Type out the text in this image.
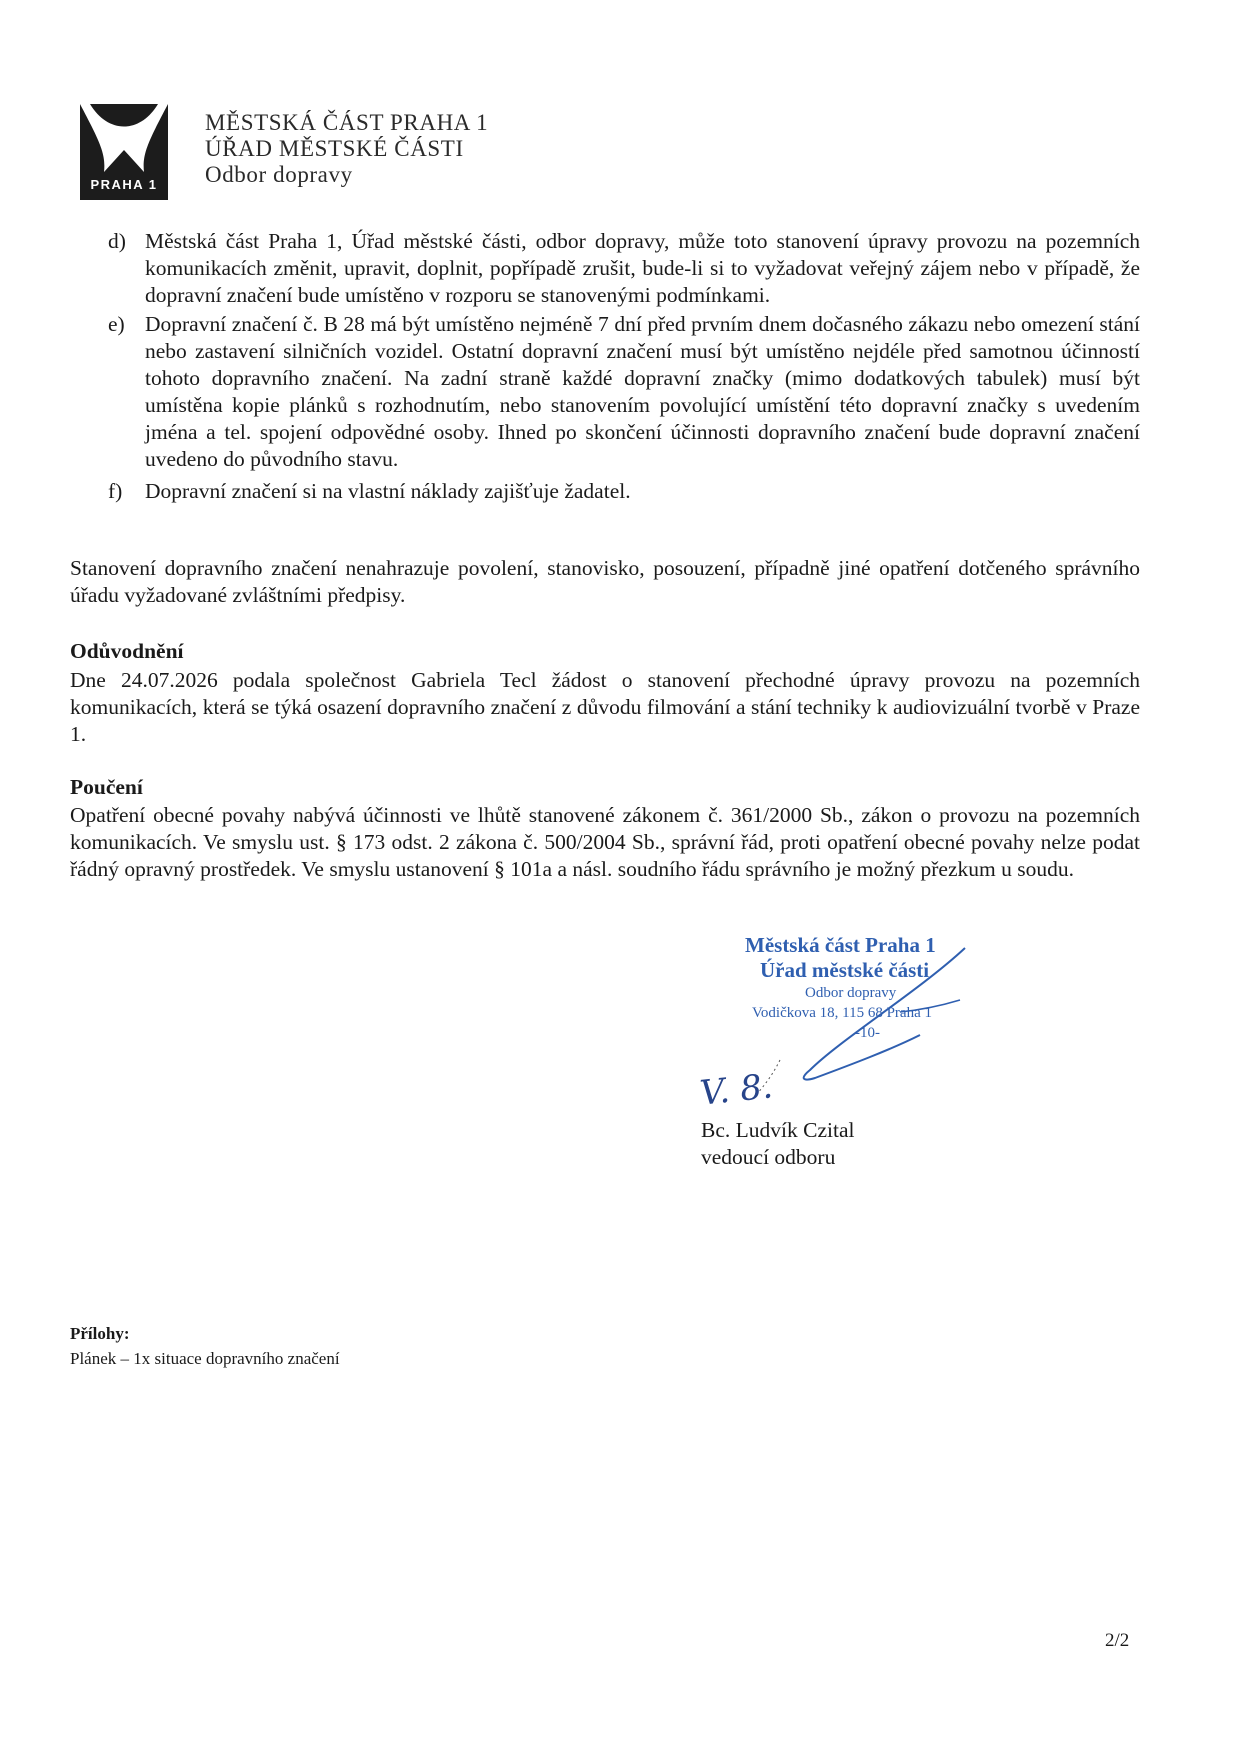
PRAHA 1
MĚSTSKÁ ČÁST PRAHA 1
ÚŘAD MĚSTSKÉ ČÁSTI
Odbor dopravy
d) Městská část Praha 1, Úřad městské části, odbor dopravy, může toto stanovení úpravy provozu na pozemních komunikacích změnit, upravit, doplnit, popřípadě zrušit, bude-li si to vyžadovat veřejný zájem nebo v případě, že dopravní značení bude umístěno v rozporu se stanovenými podmínkami.
e) Dopravní značení č. B 28 má být umístěno nejméně 7 dní před prvním dnem dočasného zákazu nebo omezení stání nebo zastavení silničních vozidel. Ostatní dopravní značení musí být umístěno nejdéle před samotnou účinností tohoto dopravního značení. Na zadní straně každé dopravní značky (mimo dodatkových tabulek) musí být umístěna kopie plánků s rozhodnutím, nebo stanovením povolující umístění této dopravní značky s uvedením jména a tel. spojení odpovědné osoby. Ihned po skončení účinnosti dopravního značení bude dopravní značení uvedeno do původního stavu.
f) Dopravní značení si na vlastní náklady zajišťuje žadatel.
Stanovení dopravního značení nenahrazuje povolení, stanovisko, posouzení, případně jiné opatření dotčeného správního úřadu vyžadované zvláštními předpisy.
Odůvodnění
Dne 24.07.2026 podala společnost Gabriela Tecl žádost o stanovení přechodné úpravy provozu na pozemních komunikacích, která se týká osazení dopravního značení z důvodu filmování a stání techniky k audiovizuální tvorbě v Praze 1.
Poučení
Opatření obecné povahy nabývá účinnosti ve lhůtě stanovené zákonem č. 361/2000 Sb., zákon o provozu na pozemních komunikacích. Ve smyslu ust. § 173 odst. 2 zákona č. 500/2004 Sb., správní řád, proti opatření obecné povahy nelze podat řádný opravný prostředek. Ve smyslu ustanovení § 101a a násl. soudního řádu správního je možný přezkum u soudu.
Městská část Praha 1
Úřad městské části
Odbor dopravy
Vodičkova 18, 115 68 Praha 1
-10-
V. 8.
Bc. Ludvík Czital
vedoucí odboru
Přílohy:
Plánek – 1x situace dopravního značení
2/2
